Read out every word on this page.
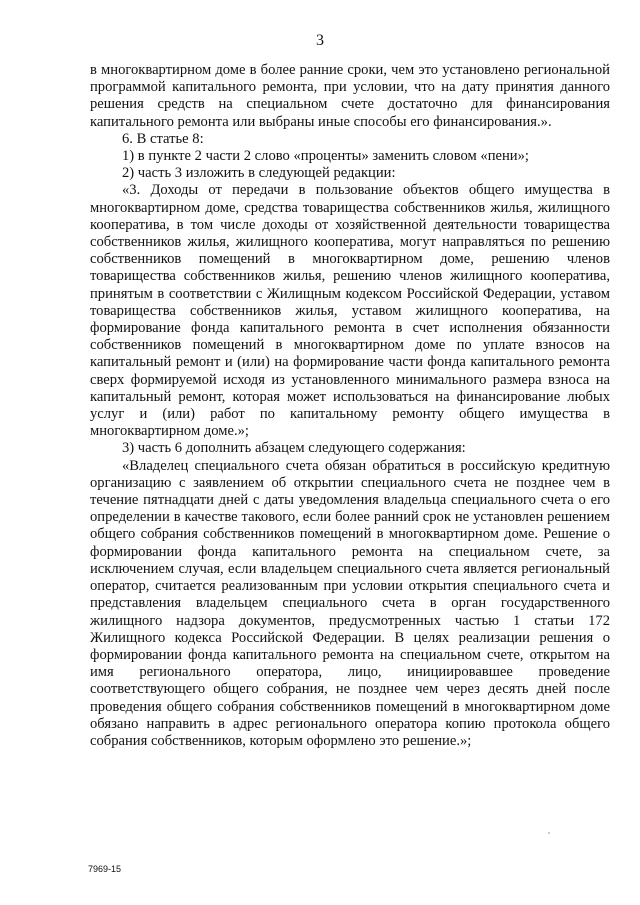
3

в многоквартирном доме в более ранние сроки, чем это установлено региональной программой капитального ремонта, при условии, что на дату принятия данного решения средств на специальном счете достаточно для финансирования капитального ремонта или выбраны иные способы его финансирования.».

6. В статье 8:

1) в пункте 2 части 2 слово «проценты» заменить словом «пени»;

2) часть 3 изложить в следующей редакции:

«3. Доходы от передачи в пользование объектов общего имущества в многоквартирном доме, средства товарищества собственников жилья, жилищного кооператива, в том числе доходы от хозяйственной деятельности товарищества собственников жилья, жилищного кооператива, могут направляться по решению собственников помещений в многоквартирном доме, решению членов товарищества собственников жилья, решению членов жилищного кооператива, принятым в соответствии с Жилищным кодексом Российской Федерации, уставом товарищества собственников жилья, уставом жилищного кооператива, на формирование фонда капитального ремонта в счет исполнения обязанности собственников помещений в многоквартирном доме по уплате взносов на капитальный ремонт и (или) на формирование части фонда капитального ремонта сверх формируемой исходя из установленного минимального размера взноса на капитальный ремонт, которая может использоваться на финансирование любых услуг и (или) работ по капитальному ремонту общего имущества в многоквартирном доме.»;

3) часть 6 дополнить абзацем следующего содержания:

«Владелец специального счета обязан обратиться в российскую кредитную организацию с заявлением об открытии специального счета не позднее чем в течение пятнадцати дней с даты уведомления владельца специального счета о его определении в качестве такового, если более ранний срок не установлен решением общего собрания собственников помещений в многоквартирном доме. Решение о формировании фонда капитального ремонта на специальном счете, за исключением случая, если владельцем специального счета является региональный оператор, считается реализованным при условии открытия специального счета и представления владельцем специального счета в орган государственного жилищного надзора документов, предусмотренных частью 1 статьи 172 Жилищного кодекса Российской Федерации. В целях реализации решения о формировании фонда капитального ремонта на специальном счете, открытом на имя регионального оператора, лицо, инициировавшее проведение соответствующего общего собрания, не позднее чем через десять дней после проведения общего собрания собственников помещений в многоквартирном доме обязано направить в адрес регионального оператора копию протокола общего собрания собственников, которым оформлено это решение.»;

7969-15
